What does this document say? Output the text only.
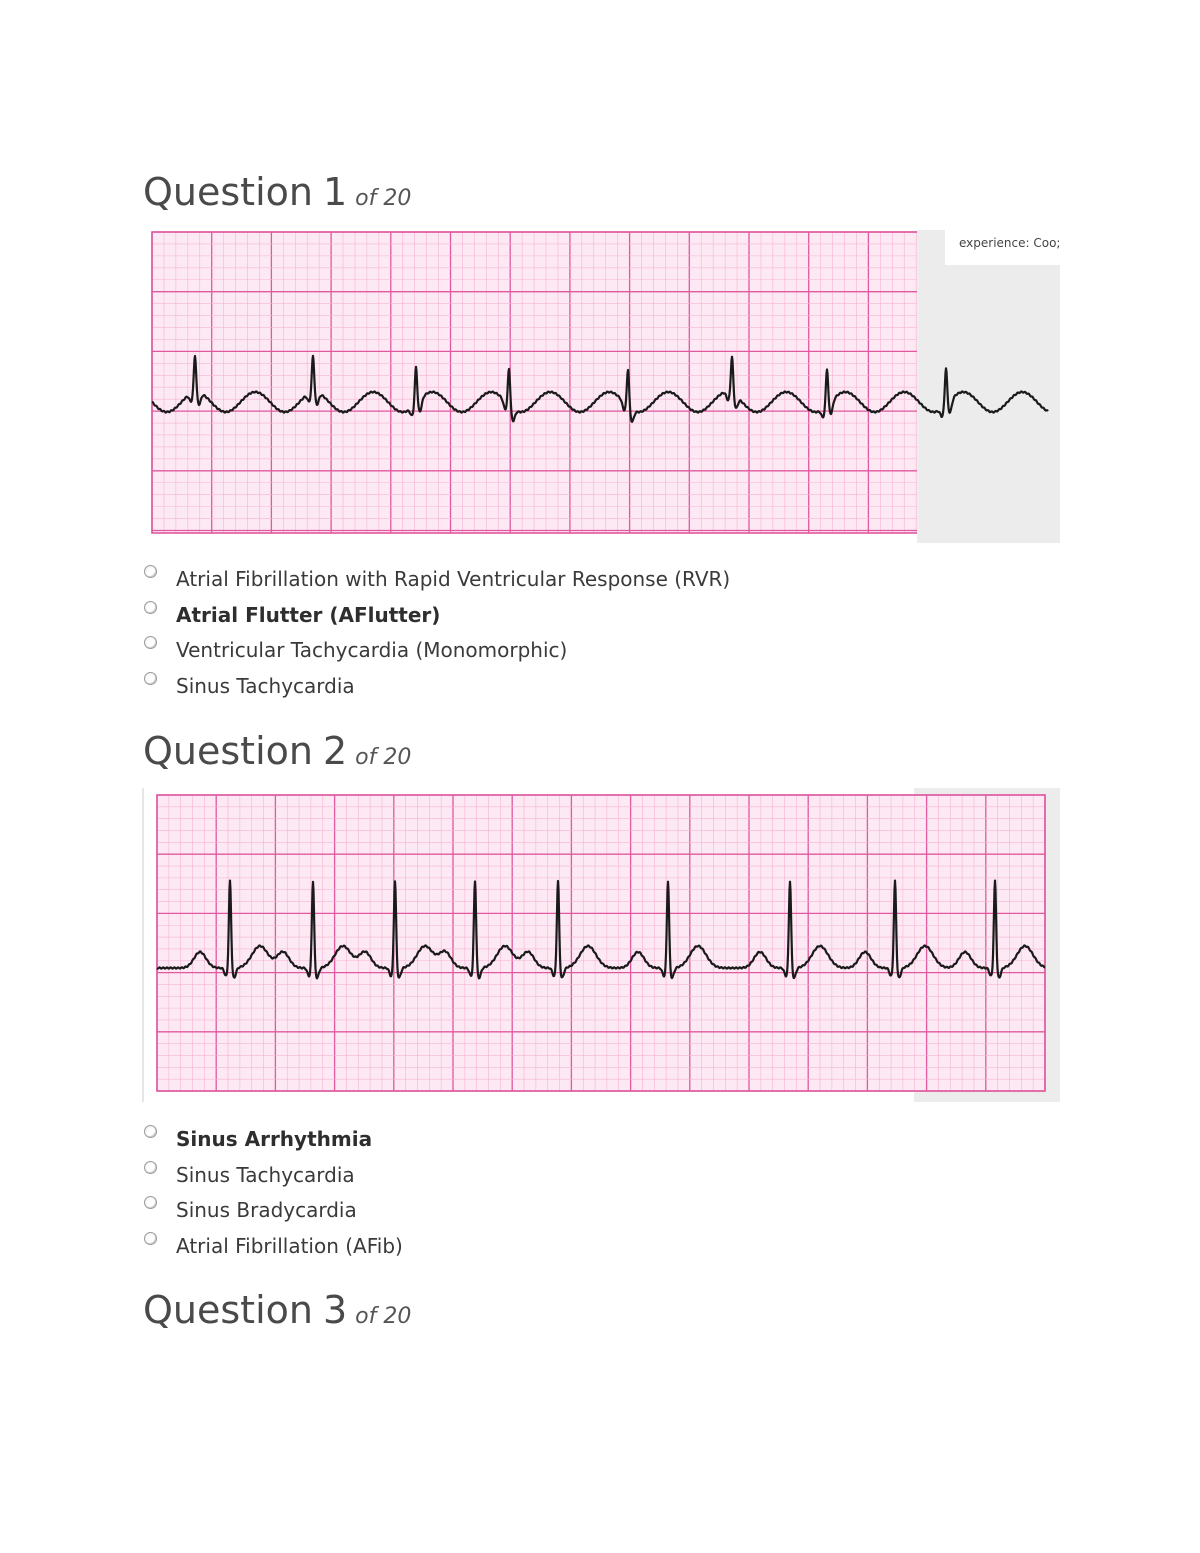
Question 1 of 20
experience: Coo;
Atrial Fibrillation with Rapid Ventricular Response (RVR)
Atrial Flutter (AFlutter)
Ventricular Tachycardia (Monomorphic)
Sinus Tachycardia
Question 2 of 20
Sinus Arrhythmia
Sinus Tachycardia
Sinus Bradycardia
Atrial Fibrillation (AFib)
Question 3 of 20
